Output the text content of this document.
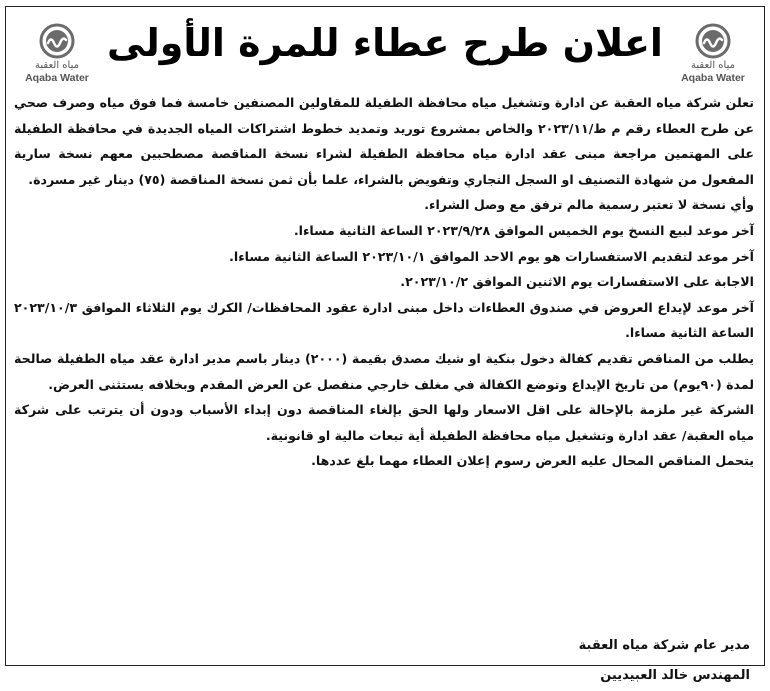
مياه العقبة
Aqaba Water
اعلان طرح عطاء للمرة الأولى
مياه العقبة
Aqaba Water

تعلن شركة مياه العقبة عن ادارة وتشغيل مياه محافظة الطفيلة للمقاولين المصنفين خامسة فما فوق مياه وصرف صحي عن طرح العطاء رقم م ط/٢٠٢٣/١١ والخاص بمشروع توريد وتمديد خطوط اشتراكات المياه الجديدة في محافظة الطفيلة على المهتمين مراجعة مبنى عقد ادارة مياه محافظة الطفيلة لشراء نسخة المناقصة مصطحبين معهم نسخة سارية المفعول من شهادة التصنيف او السجل التجاري وتفويض بالشراء، علما بأن ثمن نسخة المناقصة (٧٥) دينار غير مسردة.

وأي نسخة لا تعتبر رسمية مالم ترفق مع وصل الشراء.

آخر موعد لبيع النسخ يوم الخميس الموافق ٢٠٢٣/٩/٢٨ الساعة الثانية مساءا.

آخر موعد لتقديم الاستفسارات هو يوم الاحد الموافق ٢٠٢٣/١٠/١ الساعة الثانية مساءا.

الاجابة على الاستفسارات يوم الاثنين الموافق ٢٠٢٣/١٠/٢.

آخر موعد لإيداع العروض في صندوق العطاءات داخل مبنى ادارة عقود المحافظات/ الكرك يوم الثلاثاء الموافق ٢٠٢٣/١٠/٣ الساعة الثانية مساءا.

يطلب من المناقص تقديم كفالة دخول بنكية او شيك مصدق بقيمة (٢٠٠٠) دينار باسم مدير ادارة عقد مياه الطفيلة صالحة لمدة (٩٠يوم) من تاريخ الإيداع وتوضع الكفالة في مغلف خارجي منفصل عن العرض المقدم وبخلافه يستثنى العرض.

الشركة غير ملزمة بالإحالة على اقل الاسعار ولها الحق بإلغاء المناقصة دون إبداء الأسباب ودون أن يترتب على شركة مياه العقبة/ عقد ادارة وتشغيل مياه محافظة الطفيلة أية تبعات مالية او قانونية.

يتحمل المناقص المحال عليه العرض رسوم إعلان العطاء مهما بلغ عددها.

مدير عام شركة مياه العقبة
المهندس خالد العبيديين
